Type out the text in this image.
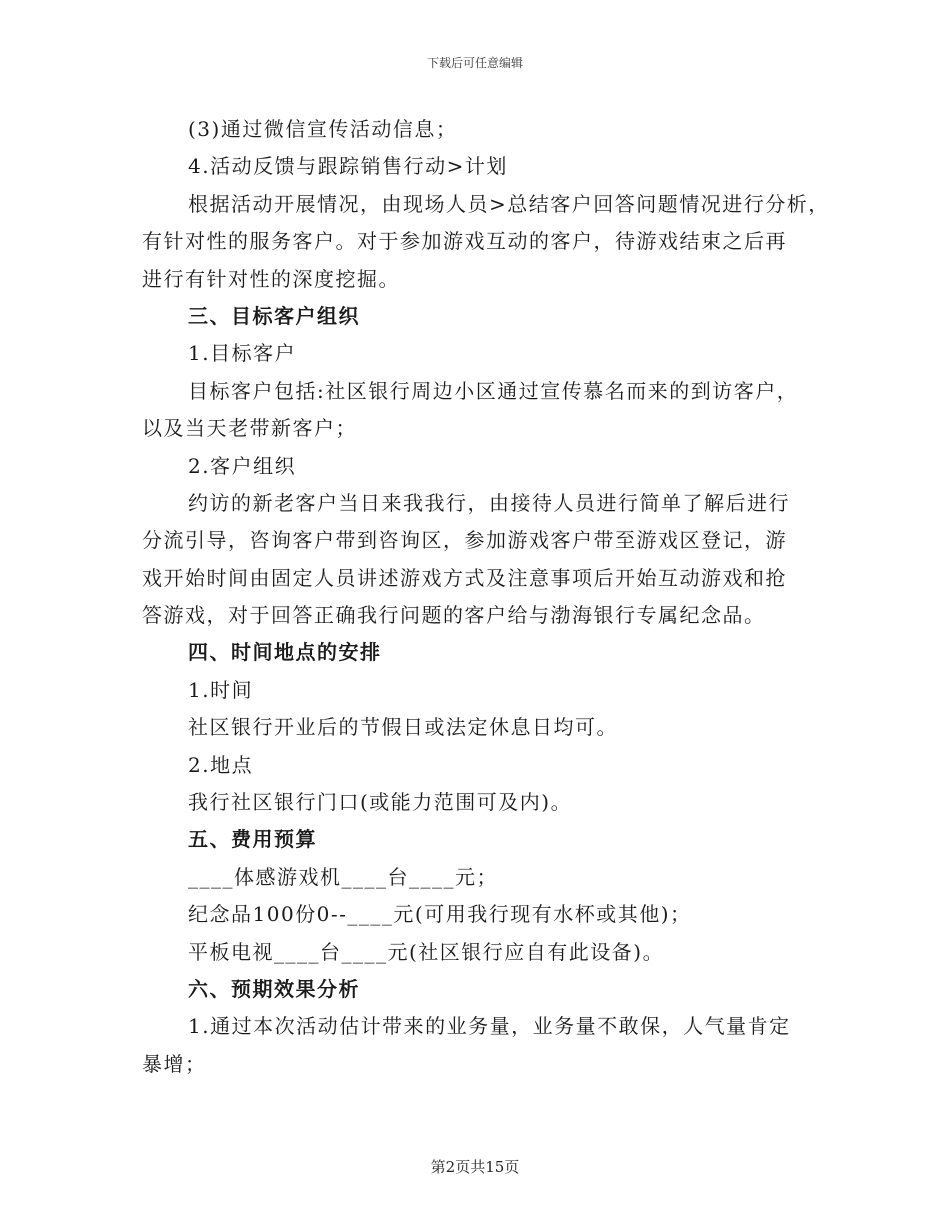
下载后可任意编辑
(3)通过微信宣传活动信息；
4.活动反馈与跟踪销售行动>计划
根据活动开展情况，由现场人员>总结客户回答问题情况进行分析，
有针对性的服务客户。对于参加游戏互动的客户，待游戏结束之后再
进行有针对性的深度挖掘。
三、目标客户组织
1.目标客户
目标客户包括:社区银行周边小区通过宣传慕名而来的到访客户，
以及当天老带新客户；
2.客户组织
约访的新老客户当日来我我行，由接待人员进行简单了解后进行
分流引导，咨询客户带到咨询区，参加游戏客户带至游戏区登记，游
戏开始时间由固定人员讲述游戏方式及注意事项后开始互动游戏和抢
答游戏，对于回答正确我行问题的客户给与渤海银行专属纪念品。
四、时间地点的安排
1.时间
社区银行开业后的节假日或法定休息日均可。
2.地点
我行社区银行门口(或能力范围可及内)。
五、费用预算
____体感游戏机____台____元；
纪念品100份0--____元(可用我行现有水杯或其他)；
平板电视____台____元(社区银行应自有此设备)。
六、预期效果分析
1.通过本次活动估计带来的业务量，业务量不敢保，人气量肯定
暴增；
第2页共15页
